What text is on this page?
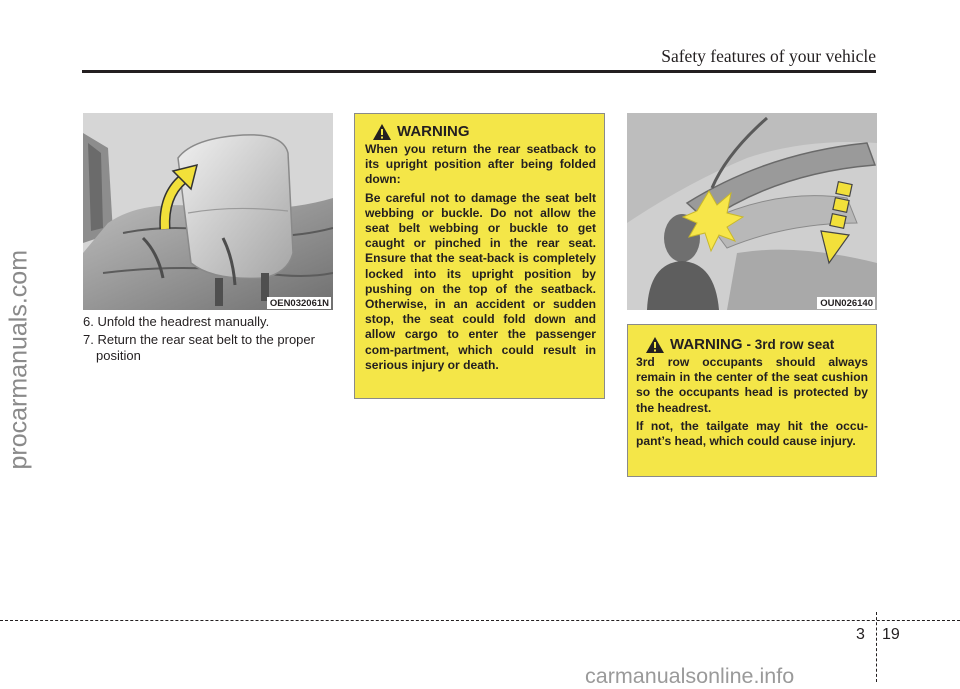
Safety features of your vehicle
procarmanuals.com	OEN032061N

6. Unfold the headrest manually.

7. Return the rear seat belt to the proper position

WARNING

When you return the rear seatback to its upright position after being folded down:

Be careful not to damage the seat belt webbing or buckle. Do not allow the seat belt webbing or buckle to get caught or pinched in the rear seat. Ensure that the seat-back is completely locked into its upright position by pushing on the top of the seatback. Otherwise, in an accident or sudden stop, the seat could fold down and allow cargo to enter the passenger com-partment, which could result in serious injury or death.

OUN026140
WARNING - 3rd row seat

3rd row occupants should always remain in the center of the seat cushion so the occupants head is protected by the headrest.

If not, the tailgate may hit the occu-pant’s head, which could cause injury.

3 19
carmanualsonline.info
